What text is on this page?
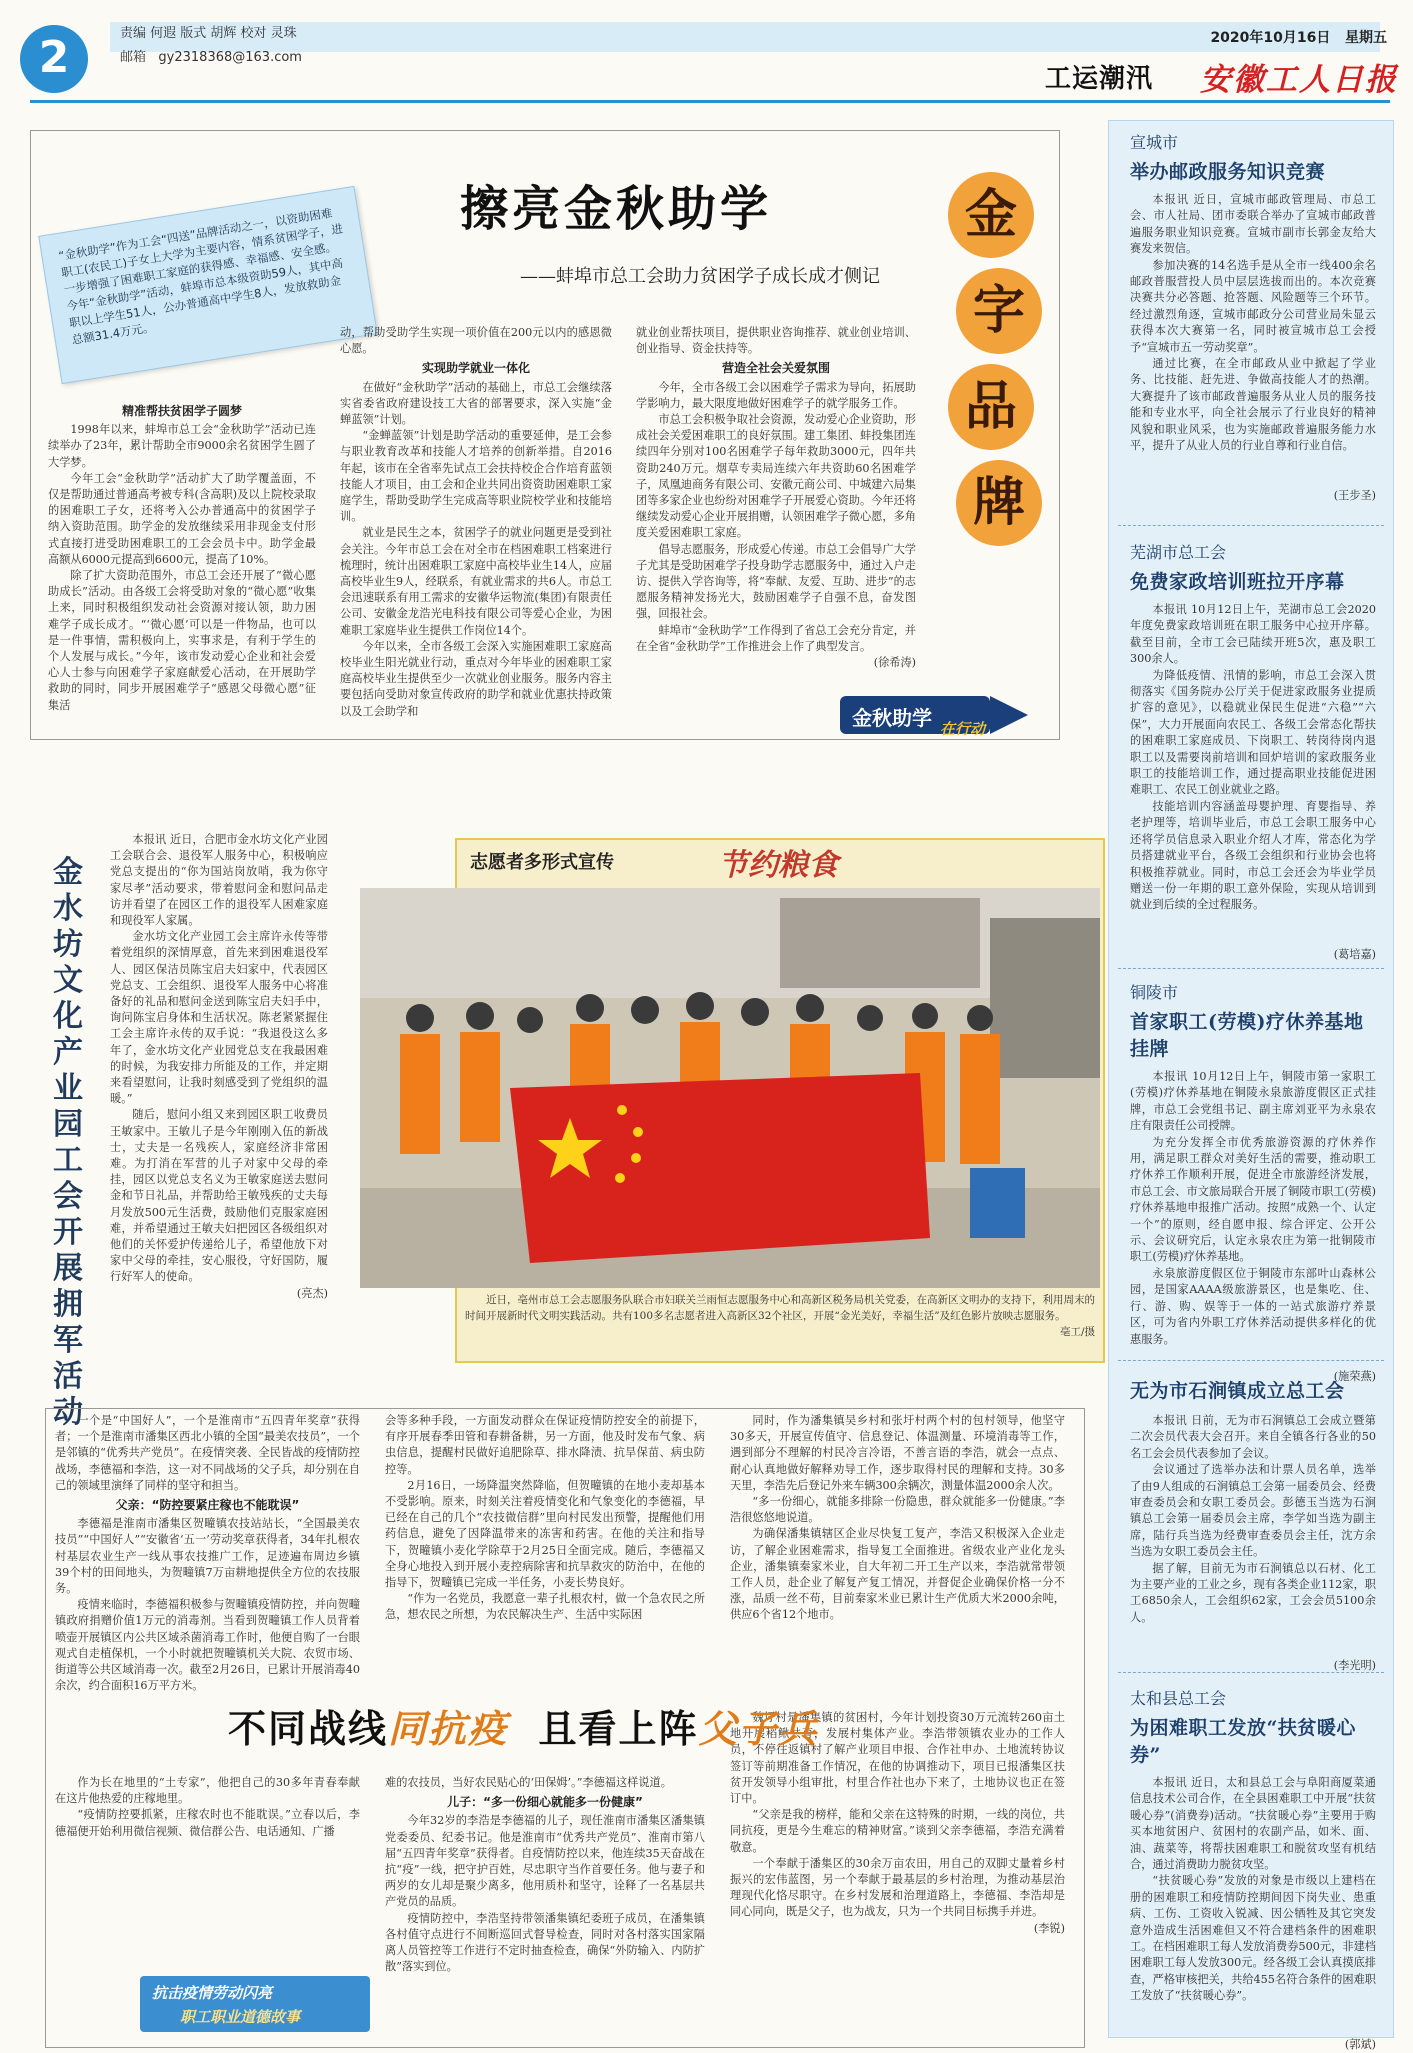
2	责编 何遐 版式 胡辉 校对 灵珠
邮箱 gy2318368@163.com
2020年10月16日 星期五
工运潮汛 安徽工人日报
擦亮金秋助学
——蚌埠市总工会助力贫困学子成长成才侧记
“金秋助学”作为工会“四送”品牌活动之一，以资助困难职工(农民工)子女上大学为主要内容，情系贫困学子，进一步增强了困难职工家庭的获得感、幸福感、安全感。今年“金秋助学”活动，蚌埠市总本级资助59人，其中高职以上学生51人，公办普通高中学生8人，发放救助金总额31.4万元。
金
字
品
牌
精准帮扶贫困学子圆梦

1998年以来，蚌埠市总工会“金秋助学”活动已连续举办了23年，累计帮助全市9000余名贫困学生圆了大学梦。

今年工会“金秋助学”活动扩大了助学覆盖面，不仅是帮助通过普通高考被专科(含高职)及以上院校录取的困难职工子女，还将考入公办普通高中的贫困学子纳入资助范围。助学金的发放继续采用非现金支付形式直接打进受助困难职工的工会会员卡中。助学金最高额从6000元提高到6600元，提高了10%。

除了扩大资助范围外，市总工会还开展了“微心愿 助成长”活动。由各级工会将受助对象的“微心愿”收集上来，同时积极组织发动社会资源对接认领，助力困难学子成长成才。“‘微心愿’可以是一件物品，也可以是一件事情，需积极向上，实事求是，有利于学生的个人发展与成长。”今年，该市发动爱心企业和社会爱心人士参与向困难学子家庭献爱心活动，在开展助学救助的同时，同步开展困难学子“感恩父母微心愿”征集活

动，帮助受助学生实现一项价值在200元以内的感恩微心愿。

实现助学就业一体化

在做好“金秋助学”活动的基础上，市总工会继续落实省委省政府建设技工大省的部署要求，深入实施“金蝉蓝领”计划。

“金蝉蓝领”计划是助学活动的重要延伸，是工会参与职业教育改革和技能人才培养的创新举措。自2016年起，该市在全省率先试点工会扶持校企合作培育蓝领技能人才项目，由工会和企业共同出资资助困难职工家庭学生，帮助受助学生完成高等职业院校学业和技能培训。

就业是民生之本，贫困学子的就业问题更是受到社会关注。今年市总工会在对全市在档困难职工档案进行梳理时，统计出困难职工家庭中高校毕业生14人，应届高校毕业生9人，经联系，有就业需求的共6人。市总工会迅速联系有用工需求的安徽华运物流(集团)有限责任公司、安徽金龙浩光电科技有限公司等爱心企业，为困难职工家庭毕业生提供工作岗位14个。

今年以来，全市各级工会深入实施困难职工家庭高校毕业生阳光就业行动，重点对今年毕业的困难职工家庭高校毕业生提供至少一次就业创业服务。服务内容主要包括向受助对象宣传政府的助学和就业优惠扶持政策以及工会助学和

就业创业帮扶项目，提供职业咨询推荐、就业创业培训、创业指导、资金扶持等。

营造全社会关爱氛围

今年，全市各级工会以困难学子需求为导向，拓展助学影响力，最大限度地做好困难学子的就学服务工作。

市总工会积极争取社会资源，发动爱心企业资助，形成社会关爱困难职工的良好氛围。建工集团、蚌投集团连续四年分别对100名困难学子每年救助3000元，四年共资助240万元。烟草专卖局连续六年共资助60名困难学子，凤凰迪商务有限公司、安徽元商公司、中城建六局集团等多家企业也纷纷对困难学子开展爱心资助。今年还将继续发动爱心企业开展捐赠，认领困难学子微心愿，多角度关爱困难职工家庭。

倡导志愿服务，形成爱心传递。市总工会倡导广大学子尤其是受助困难学子投身助学志愿服务中，通过入户走访、提供入学咨询等，将“奉献、友爱、互助、进步”的志愿服务精神发扬光大，鼓励困难学子自强不息，奋发图强，回报社会。

蚌埠市“金秋助学”工作得到了省总工会充分肯定，并在全省“金秋助学”工作推进会上作了典型发言。

(徐希涛)
金秋助学 在行动
金水坊文化产业园工会开展拥军活动

本报讯 近日，合肥市金水坊文化产业园工会联合会、退役军人服务中心，积极响应党总支提出的“你为国站岗放哨，我为你守家尽孝”活动要求，带着慰问金和慰问品走访并看望了在园区工作的退役军人困难家庭和现役军人家属。

金水坊文化产业园工会主席许永传等带着党组织的深情厚意，首先来到困难退役军人、园区保洁员陈宝启夫妇家中，代表园区党总支、工会组织、退役军人服务中心将准备好的礼品和慰问金送到陈宝启夫妇手中，询问陈宝启身体和生活状况。陈老紧紧握住工会主席许永传的双手说：“我退役这么多年了，金水坊文化产业园党总支在我最困难的时候，为我安排力所能及的工作，并定期来看望慰问，让我时刻感受到了党组织的温暖。”

随后，慰问小组又来到园区职工收费员王敏家中。王敏儿子是今年刚刚入伍的新战士，丈夫是一名残疾人，家庭经济非常困难。为打消在军营的儿子对家中父母的牵挂，园区以党总支名义为王敏家庭送去慰问金和节日礼品，并帮助给王敏残疾的丈夫每月发放500元生活费，鼓励他们克服家庭困难，并希望通过王敏夫妇把园区各级组织对他们的关怀爱护传递给儿子，希望他放下对家中父母的牵挂，安心服役，守好国防，履行好军人的使命。

(亮杰)
志愿者多形式宣传	节约粮食
近日，亳州市总工会志愿服务队联合市妇联关兰雨恒志愿服务中心和高新区税务局机关党委，在高新区文明办的支持下，利用周末的时间开展新时代文明实践活动。共有100多名志愿者进入高新区32个社区，开展“金光美好，幸福生活”及红色影片放映志愿服务。
亳工/摄

一个是“中国好人”，一个是淮南市“五四青年奖章”获得者；一个是淮南市潘集区西北小镇的全国“最美农技员”，一个是邻镇的“优秀共产党员”。在疫情突袭、全民皆战的疫情防控战场，李德福和李浩，这一对不同战场的父子兵，却分别在自己的领域里演绎了同样的坚守和担当。

父亲：“防控要紧庄稼也不能耽误”

李德福是淮南市潘集区贺疃镇农技站站长，“全国最美农技员”“中国好人”“安徽省‘五一’劳动奖章获得者，34年扎根农村基层农业生产一线从事农技推广工作，足迹遍布周边乡镇39个村的田间地头，为贺疃镇7万亩耕地提供全方位的农技服务。

疫情来临时，李德福积极参与贺疃镇疫情防控，并向贺疃镇政府捐赠价值1万元的消毒剂。当看到贺疃镇工作人员背着喷壶开展镇区内公共区域杀菌消毒工作时，他便自购了一台眼观式自走植保机，一个小时就把贺疃镇机关大院、农贸市场、街道等公共区域消毒一次。截至2月26日，已累计开展消毒40余次，约合面积16万平方米。

作为长在地里的“土专家”，他把自己的30多年青春奉献在这片他热爱的庄稼地里。

“疫情防控要抓紧，庄稼农时也不能耽误。”立春以后，李德福便开始利用微信视频、微信群公告、电话通知、广播

会等多种手段，一方面发动群众在保证疫情防控安全的前提下，有序开展春季田管和春耕备耕，另一方面，他及时发布气象、病虫信息，提醒村民做好追肥除草、排水降渍、抗旱保苗、病虫防控等。

2月16日，一场降温突然降临，但贺疃镇的在地小麦却基本不受影响。原来，时刻关注着疫情变化和气象变化的李德福，早已经在自己的几个“农技微信群”里向村民发出预警，提醒他们用药信息，避免了因降温带来的冻害和药害。在他的关注和指导下，贺疃镇小麦化学除草于2月25日全面完成。随后，李德福又全身心地投入到开展小麦控病除害和抗旱救灾的防治中，在他的指导下，贺疃镇已完成一半任务，小麦长势良好。

“作为一名党员，我愿意一辈子扎根农村，做一个急农民之所急，想农民之所想，为农民解决生产、生活中实际困

难的农技员，当好农民贴心的‘田保姆’。”李德福这样说道。

儿子：“多一份细心就能多一份健康”

今年32岁的李浩是李德福的儿子，现任淮南市潘集区潘集镇党委委员、纪委书记。他是淮南市“优秀共产党员”、淮南市第八届“五四青年奖章”获得者。自疫情防控以来，他连续35天奋战在抗“疫”一线，把守护百姓，尽忠职守当作首要任务。他与妻子和两岁的女儿却是聚少离多，他用质朴和坚守，诠释了一名基层共产党员的品质。

疫情防控中，李浩坚持带领潘集镇纪委班子成员，在潘集镇各村值守点进行不间断巡回式督导检查，同时对各村落实国家隔离人员管控等工作进行不定时抽查检查，确保“外防输入、内防扩散”落实到位。

同时，作为潘集镇吴乡村和张圩村两个村的包村领导，他坚守30多天，开展宣传值守、信息登记、体温测量、环境消毒等工作，遇到部分不理解的村民冷言冷语，不善言语的李浩，就会一点点、耐心认真地做好解释劝导工作，逐步取得村民的理解和支持。30多天里，李浩先后登记外来车辆300余辆次，测量体温2000余人次。

“多一份细心，就能多排除一份隐患，群众就能多一份健康。”李浩很悠悠地说道。

为确保潘集镇辖区企业尽快复工复产，李浩又积极深入企业走访，了解企业困难需求，指导复工全面推进。省级农业产业化龙头企业，潘集镇秦家米业，自大年初二开工生产以来，李浩就常带领工作人员，赴企业了解复产复工情况，并督促企业确保价格一分不涨，品质一丝不苟，目前秦家米业已累计生产优质大米2000余吨，供应6个省12个地市。

魏圩村是潘集镇的贫困村，今年计划投资30万元流转260亩土地开展稻鳅共育，发展村集体产业。李浩带领镇农业办的工作人员，不停往返镇村了解产业项目申报、合作社申办、土地流转协议签订等前期准备工作情况，在他的协调推动下，项目已报潘集区扶贫开发领导小组审批，村里合作社也办下来了，土地协议也正在签订中。

“父亲是我的榜样，能和父亲在这特殊的时期，一线的岗位，共同抗疫，更是今生难忘的精神财富。”谈到父亲李德福，李浩充满着敬意。

一个奉献于潘集区的30余万亩农田，用自己的双脚丈量着乡村振兴的宏伟蓝图，另一个奉献于最基层的乡村治理，为推动基层治理现代化恪尽职守。在乡村发展和治理道路上，李德福、李浩却是同心同向，既是父子，也为战友，只为一个共同目标携手并进。

(李锐)
不同战线同抗疫 且看上阵父子兵
抗击疫情劳动闪亮
职工职业道德故事
宣城市
举办邮政服务知识竞赛

本报讯 近日，宣城市邮政管理局、市总工会、市人社局、团市委联合举办了宣城市邮政普遍服务职业知识竞赛。宣城市副市长郭金友给大赛发来贺信。

参加决赛的14名选手是从全市一线400余名邮政普服营投人员中层层选拔而出的。本次竞赛决赛共分必答题、抢答题、风险题等三个环节。经过激烈角逐，宣城市邮政分公司营业局朱显云获得本次大赛第一名，同时被宣城市总工会授予“宣城市五一劳动奖章”。

通过比赛，在全市邮政从业中掀起了学业务、比技能、赶先进、争做高技能人才的热潮。大赛提升了该市邮政普遍服务从业人员的服务技能和专业水平，向全社会展示了行业良好的精神风貌和职业风采，也为实施邮政普遍服务能力水平，提升了从业人员的行业自尊和行业自信。

(王步圣)
芜湖市总工会
免费家政培训班拉开序幕

本报讯 10月12日上午，芜湖市总工会2020年度免费家政培训班在职工服务中心拉开序幕。截至目前，全市工会已陆续开班5次，惠及职工300余人。

为降低疫情、汛情的影响，市总工会深入贯彻落实《国务院办公厅关于促进家政服务业提质扩容的意见》，以稳就业保民生促进“六稳”“六保”，大力开展面向农民工、各级工会常态化帮扶的困难职工家庭成员、下岗职工、转岗待岗内退职工以及需要岗前培训和回炉培训的家政服务业职工的技能培训工作，通过提高职业技能促进困难职工、农民工创业就业之路。

技能培训内容涵盖母婴护理、育婴指导、养老护理等，培训毕业后，市总工会职工服务中心还将学员信息录入职业介绍人才库，常态化为学员搭建就业平台，各级工会组织和行业协会也将积极推荐就业。同时，市总工会还会为毕业学员赠送一份一年期的职工意外保险，实现从培训到就业到后续的全过程服务。

(葛培嘉)
铜陵市
首家职工(劳模)疗休养基地挂牌

本报讯 10月12日上午，铜陵市第一家职工(劳模)疗休养基地在铜陵永泉旅游度假区正式挂牌，市总工会党组书记、副主席刘亚平为永泉农庄有限责任公司授牌。

为充分发挥全市优秀旅游资源的疗休养作用，满足职工群众对美好生活的需要，推动职工疗休养工作顺利开展，促进全市旅游经济发展，市总工会、市文旅局联合开展了铜陵市职工(劳模)疗休养基地申报推广活动。按照“成熟一个、认定一个”的原则，经自愿申报、综合评定、公开公示、会议研究后，认定永泉农庄为第一批铜陵市职工(劳模)疗休养基地。

永泉旅游度假区位于铜陵市东部叶山森林公园，是国家AAAA级旅游景区，也是集吃、住、行、游、购、娱等于一体的一站式旅游疗养景区，可为省内外职工疗休养活动提供多样化的优惠服务。

(施荣燕)
无为市石涧镇成立总工会

本报讯 日前，无为市石涧镇总工会成立暨第二次会员代表大会召开。来自全镇各行各业的50名工会会员代表参加了会议。

会议通过了选举办法和计票人员名单，选举了由9人组成的石涧镇总工会第一届委员会、经费审查委员会和女职工委员会。彭德玉当选为石涧镇总工会第一届委员会主席，李学如当选为副主席，陆行兵当选为经费审查委员会主任，沈方余当选为女职工委员会主任。

据了解，目前无为市石涧镇总以石材、化工为主要产业的工业之乡，现有各类企业112家，职工6850余人，工会组织62家，工会会员5100余人。

(李光明)
太和县总工会
为困难职工发放“扶贫暖心券”

本报讯 近日，太和县总工会与阜阳商厦菜通信息技术公司合作，在全县困难职工中开展“扶贫暖心券”(消费券)活动。“扶贫暖心券”主要用于购买本地贫困户、贫困村的农副产品，如米、面、油、蔬菜等，将帮扶困难职工和脱贫攻坚有机结合，通过消费助力脱贫攻坚。

“扶贫暖心券”发放的对象是市级以上建档在册的困难职工和疫情防控期间因下岗失业、患重病、工伤、工资收入锐减、因公牺牲及其它突发意外造成生活困难但又不符合建档条件的困难职工。在档困难职工每人发放消费券500元，非建档困难职工每人发放300元。经各级工会认真摸底排查，严格审核把关，共给455名符合条件的困难职工发放了“扶贫暖心券”。

(郭斌)
